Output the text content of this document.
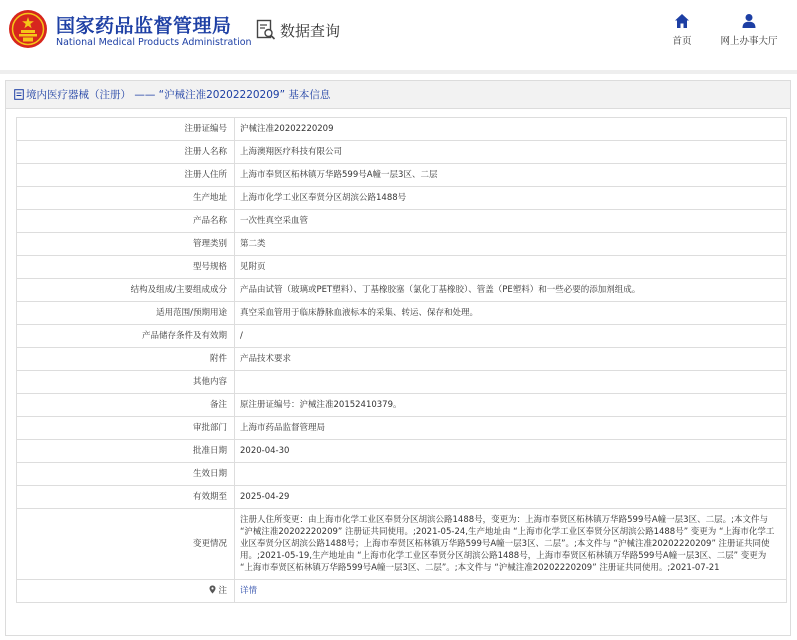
国家药品监督管理局
National Medical Products Administration
数据查询
首页	网上办事大厅
境内医疗器械（注册） —— “沪械注准20202220209” 基本信息
注册证编号	沪械注准20202220209
注册人名称	上海澳翔医疗科技有限公司
注册人住所	上海市奉贤区柘林镇万华路599号A幢一层3区、二层
生产地址	上海市化学工业区奉贤分区胡滨公路1488号
产品名称	一次性真空采血管
管理类别	第二类
型号规格	见附页
结构及组成/主要组成成分	产品由试管（玻璃或PET塑料）、丁基橡胶塞（氯化丁基橡胶）、管盖（PE塑料）和一些必要的添加剂组成。
适用范围/预期用途	真空采血管用于临床静脉血液标本的采集、转运、保存和处理。
产品储存条件及有效期	/
附件	产品技术要求
其他内容	
备注	原注册证编号：沪械注准20152410379。
审批部门	上海市药品监督管理局
批准日期	2020-04-30
生效日期	
有效期至	2025-04-29
变更情况	注册人住所变更：由上海市化学工业区奉贤分区胡滨公路1488号，变更为：上海市奉贤区柘林镇万华路599号A幢一层3区、二层。;本文件与 “沪械注准20202220209” 注册证共同使用。;2021-05-24,生产地址由 “上海市化学工业区奉贤分区胡滨公路1488号” 变更为 “上海市化学工业区奉贤分区胡滨公路1488号；上海市奉贤区柘林镇万华路599号A幢一层3区、二层”。;本文件与 “沪械注准20202220209” 注册证共同使用。;2021-05-19,生产地址由 “上海市化学工业区奉贤分区胡滨公路1488号，上海市奉贤区柘林镇万华路599号A幢一层3区、二层” 变更为 “上海市奉贤区柘林镇万华路599号A幢一层3区、二层”。;本文件与 “沪械注准20202220209” 注册证共同使用。;2021-07-21
注	详情
